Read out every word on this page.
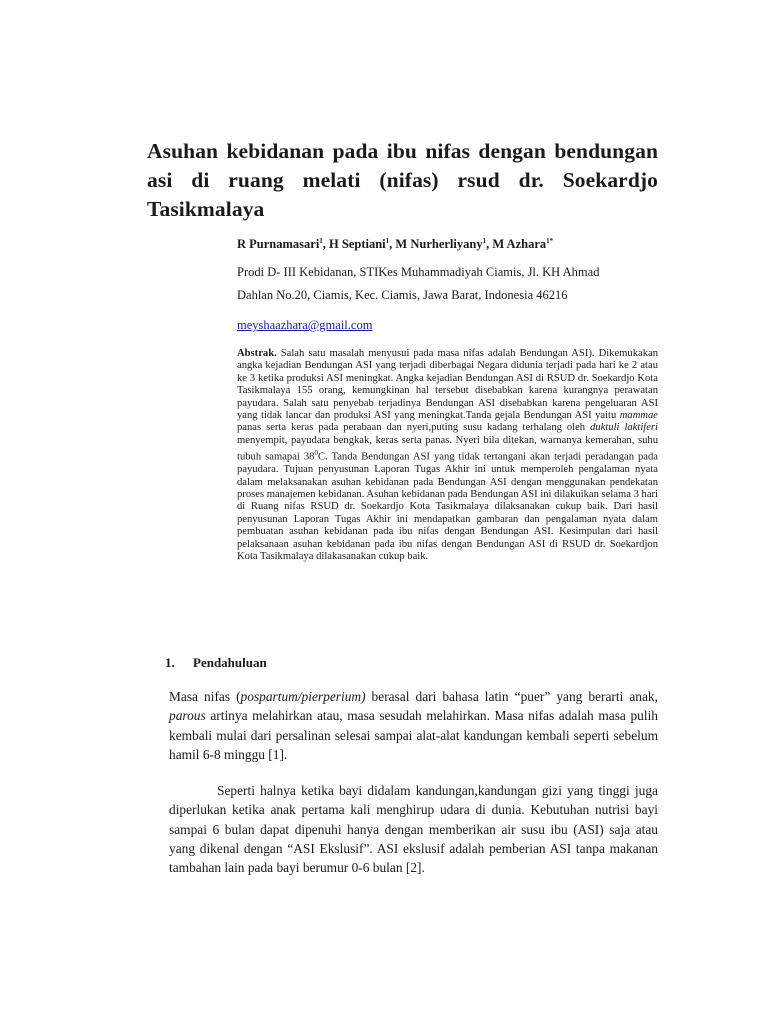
Asuhan kebidanan pada ibu nifas dengan bendungan asi di ruang melati (nifas) rsud dr. Soekardjo Tasikmalaya
R Purnamasari$^1$, H Septiani$^1$, M Nurherliyany$^1$, M Azhara$^{1*}$
Prodi D- III Kebidanan, STIKes Muhammadiyah Ciamis, Jl. KH Ahmad
Dahlan No.20, Ciamis, Kec. Ciamis, Jawa Barat, Indonesia 46216
meyshaazhara@gmail.com
Abstrak. Salah satu masalah menyusui pada masa nifas adalah Bendungan ASI). Dikemukakan angka kejadian Bendungan ASI yang terjadi diberbagai Negara didunia terjadi pada hari ke 2 atau ke 3 ketika produksi ASI meningkat. Angka kejadian Bendungan ASI di RSUD dr. Soekardjo Kota Tasikmalaya 155 orang, kemungkinan hal tersebut disebabkan karena kurangnya perawatan payudara. Salah satu penyebab terjadinya Bendungan ASI disebabkan karena pengeluaran ASI yang tidak lancar dan produksi ASI yang meningkat.Tanda gejala Bendungan ASI yaitu mammae panas serta keras pada perabaan dan nyeri,puting susu kadang terhalang oleh duktuli laktiferi menyempit, payudara bengkak, keras serta panas. Nyeri bila ditekan, warnanya kemerahan, suhu tubuh samapai $38^0C$. Tanda Bendungan ASI yang tidak tertangani akan terjadi peradangan pada payudara. Tujuan penyusunan Laporan Tugas Akhir ini untuk memperoleh pengalaman nyata dalam melaksanakan asuhan kebidanan pada Bendungan ASI dengan menggunakan pendekatan proses manajemen kebidanan. Asuhan kebidanan pada Bendungan ASI ini dilakuikan selama 3 hari di Ruang nifas RSUD dr. Soekardjo Kota Tasikmalaya dilaksanakan cukup baik. Dari hasil penyusunan Laporan Tugas Akhir ini mendapatkan gambaran dan pengalaman nyata dalam pembuatan asuhan kebidanan pada ibu nifas dengan Bendungan ASI. Kesimpulan dari hasil pelaksanaan asuhan kebidanan pada ibu nifas dengan Bendungan ASI di RSUD dr. Soekardjon Kota Tasikmalaya dilakasanakan cukup baik.
1. Pendahuluan
Masa nifas (pospartum/pierperium) berasal dari bahasa latin “puer” yang berarti anak, parous artinya melahirkan atau, masa sesudah melahirkan. Masa nifas adalah masa pulih kembali mulai dari persalinan selesai sampai alat-alat kandungan kembali seperti sebelum hamil 6-8 minggu [1].
Seperti halnya ketika bayi didalam kandungan,kandungan gizi yang tinggi juga diperlukan ketika anak pertama kali menghirup udara di dunia. Kebutuhan nutrisi bayi sampai 6 bulan dapat dipenuhi hanya dengan memberikan air susu ibu (ASI) saja atau yang dikenal dengan “ASI Ekslusif”. ASI ekslusif adalah pemberian ASI tanpa makanan tambahan lain pada bayi berumur 0-6 bulan [2].
